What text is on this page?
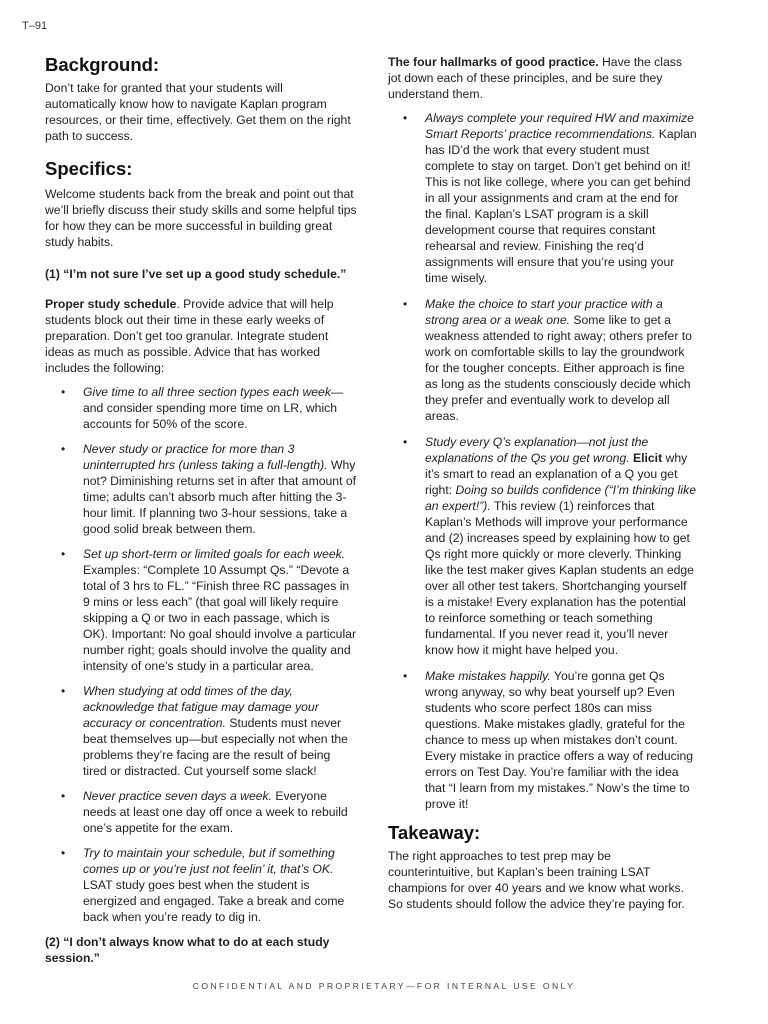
T–91
Background:

Don’t take for granted that your students will automatically know how to navigate Kaplan program resources, or their time, effectively. Get them on the right path to success.

Specifics:

Welcome students back from the break and point out that we’ll briefly discuss their study skills and some helpful tips for how they can be more successful in building great study habits.

(1) “I’m not sure I’ve set up a good study schedule.”

Proper study schedule. Provide advice that will help students block out their time in these early weeks of preparation. Don’t get too granular. Integrate student ideas as much as possible. Advice that has worked includes the following:

• Give time to all three section types each week—and consider spending more time on LR, which accounts for 50% of the score.
• Never study or practice for more than 3 uninterrupted hrs (unless taking a full-length). Why not? Diminishing returns set in after that amount of time; adults can’t absorb much after hitting the 3-hour limit. If planning two 3-hour sessions, take a good solid break between them.
• Set up short-term or limited goals for each week. Examples: “Complete 10 Assumpt Qs.” “Devote a total of 3 hrs to FL.” “Finish three RC passages in 9 mins or less each” (that goal will likely require skipping a Q or two in each passage, which is OK). Important: No goal should involve a particular number right; goals should involve the quality and intensity of one’s study in a particular area.
• When studying at odd times of the day, acknowledge that fatigue may damage your accuracy or concentration. Students must never beat themselves up—but especially not when the problems they’re facing are the result of being tired or distracted. Cut yourself some slack!
• Never practice seven days a week. Everyone needs at least one day off once a week to rebuild one’s appetite for the exam.
• Try to maintain your schedule, but if something comes up or you’re just not feelin’ it, that’s OK. LSAT study goes best when the student is energized and engaged. Take a break and come back when you’re ready to dig in.

(2) “I don’t always know what to do at each study session.”

The four hallmarks of good practice. Have the class jot down each of these principles, and be sure they understand them.

• Always complete your required HW and maximize Smart Reports’ practice recommendations. Kaplan has ID’d the work that every student must complete to stay on target. Don’t get behind on it! This is not like college, where you can get behind in all your assignments and cram at the end for the final. Kaplan’s LSAT program is a skill development course that requires constant rehearsal and review. Finishing the req’d assignments will ensure that you’re using your time wisely.
• Make the choice to start your practice with a strong area or a weak one. Some like to get a weakness attended to right away; others prefer to work on comfortable skills to lay the groundwork for the tougher concepts. Either approach is fine as long as the students consciously decide which they prefer and eventually work to develop all areas.
• Study every Q’s explanation—not just the explanations of the Qs you get wrong. Elicit why it’s smart to read an explanation of a Q you get right: Doing so builds confidence (“I’m thinking like an expert!”). This review (1) reinforces that Kaplan’s Methods will improve your performance and (2) increases speed by explaining how to get Qs right more quickly or more cleverly. Thinking like the test maker gives Kaplan students an edge over all other test takers. Shortchanging yourself is a mistake! Every explanation has the potential to reinforce something or teach something fundamental. If you never read it, you’ll never know how it might have helped you.
• Make mistakes happily. You’re gonna get Qs wrong anyway, so why beat yourself up? Even students who score perfect 180s can miss questions. Make mistakes gladly, grateful for the chance to mess up when mistakes don’t count. Every mistake in practice offers a way of reducing errors on Test Day. You’re familiar with the idea that “I learn from my mistakes.” Now’s the time to prove it!
Takeaway:

The right approaches to test prep may be counterintuitive, but Kaplan’s been training LSAT champions for over 40 years and we know what works. So students should follow the advice they’re paying for.

CONFIDENTIAL AND PROPRIETARY—FOR INTERNAL USE ONLY
